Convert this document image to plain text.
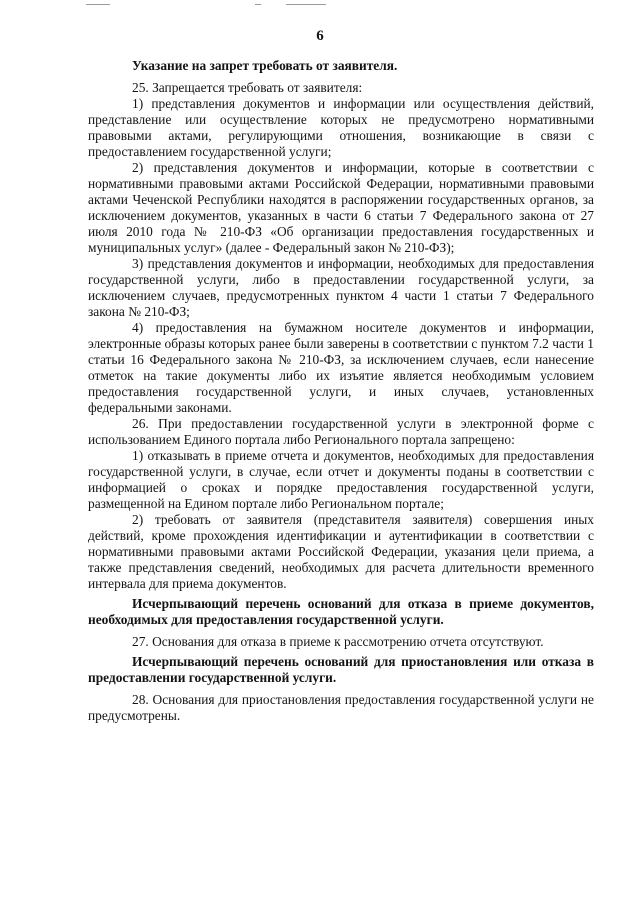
6

Указание на запрет требовать от заявителя.

25. Запрещается требовать от заявителя:

1) представления документов и информации или осуществления действий, представление или осуществление которых не предусмотрено нормативными правовыми актами, регулирующими отношения, возникающие в связи с предоставлением государственной услуги;

2) представления документов и информации, которые в соответствии с нормативными правовыми актами Российской Федерации, нормативными правовыми актами Чеченской Республики находятся в распоряжении государственных органов, за исключением документов, указанных в части 6 статьи 7 Федерального закона от 27 июля 2010 года № 210-ФЗ «Об организации предоставления государственных и муниципальных услуг» (далее - Федеральный закон № 210-ФЗ);

3) представления документов и информации, необходимых для предоставления государственной услуги, либо в предоставлении государственной услуги, за исключением случаев, предусмотренных пунктом 4 части 1 статьи 7 Федерального закона № 210-ФЗ;

4) предоставления на бумажном носителе документов и информации, электронные образы которых ранее были заверены в соответствии с пунктом 7.2 части 1 статьи 16 Федерального закона № 210-ФЗ, за исключением случаев, если нанесение отметок на такие документы либо их изъятие является необходимым условием предоставления государственной услуги, и иных случаев, установленных федеральными законами.

26. При предоставлении государственной услуги в электронной форме с использованием Единого портала либо Регионального портала запрещено:

1) отказывать в приеме отчета и документов, необходимых для предоставления государственной услуги, в случае, если отчет и документы поданы в соответствии с информацией о сроках и порядке предоставления государственной услуги, размещенной на Едином портале либо Региональном портале;

2) требовать от заявителя (представителя заявителя) совершения иных действий, кроме прохождения идентификации и аутентификации в соответствии с нормативными правовыми актами Российской Федерации, указания цели приема, а также представления сведений, необходимых для расчета длительности временного интервала для приема документов.

Исчерпывающий перечень оснований для отказа в приеме документов, необходимых для предоставления государственной услуги.

27. Основания для отказа в приеме к рассмотрению отчета отсутствуют.

Исчерпывающий перечень оснований для приостановления или отказа в предоставлении государственной услуги.

28. Основания для приостановления предоставления государственной услуги не предусмотрены.
